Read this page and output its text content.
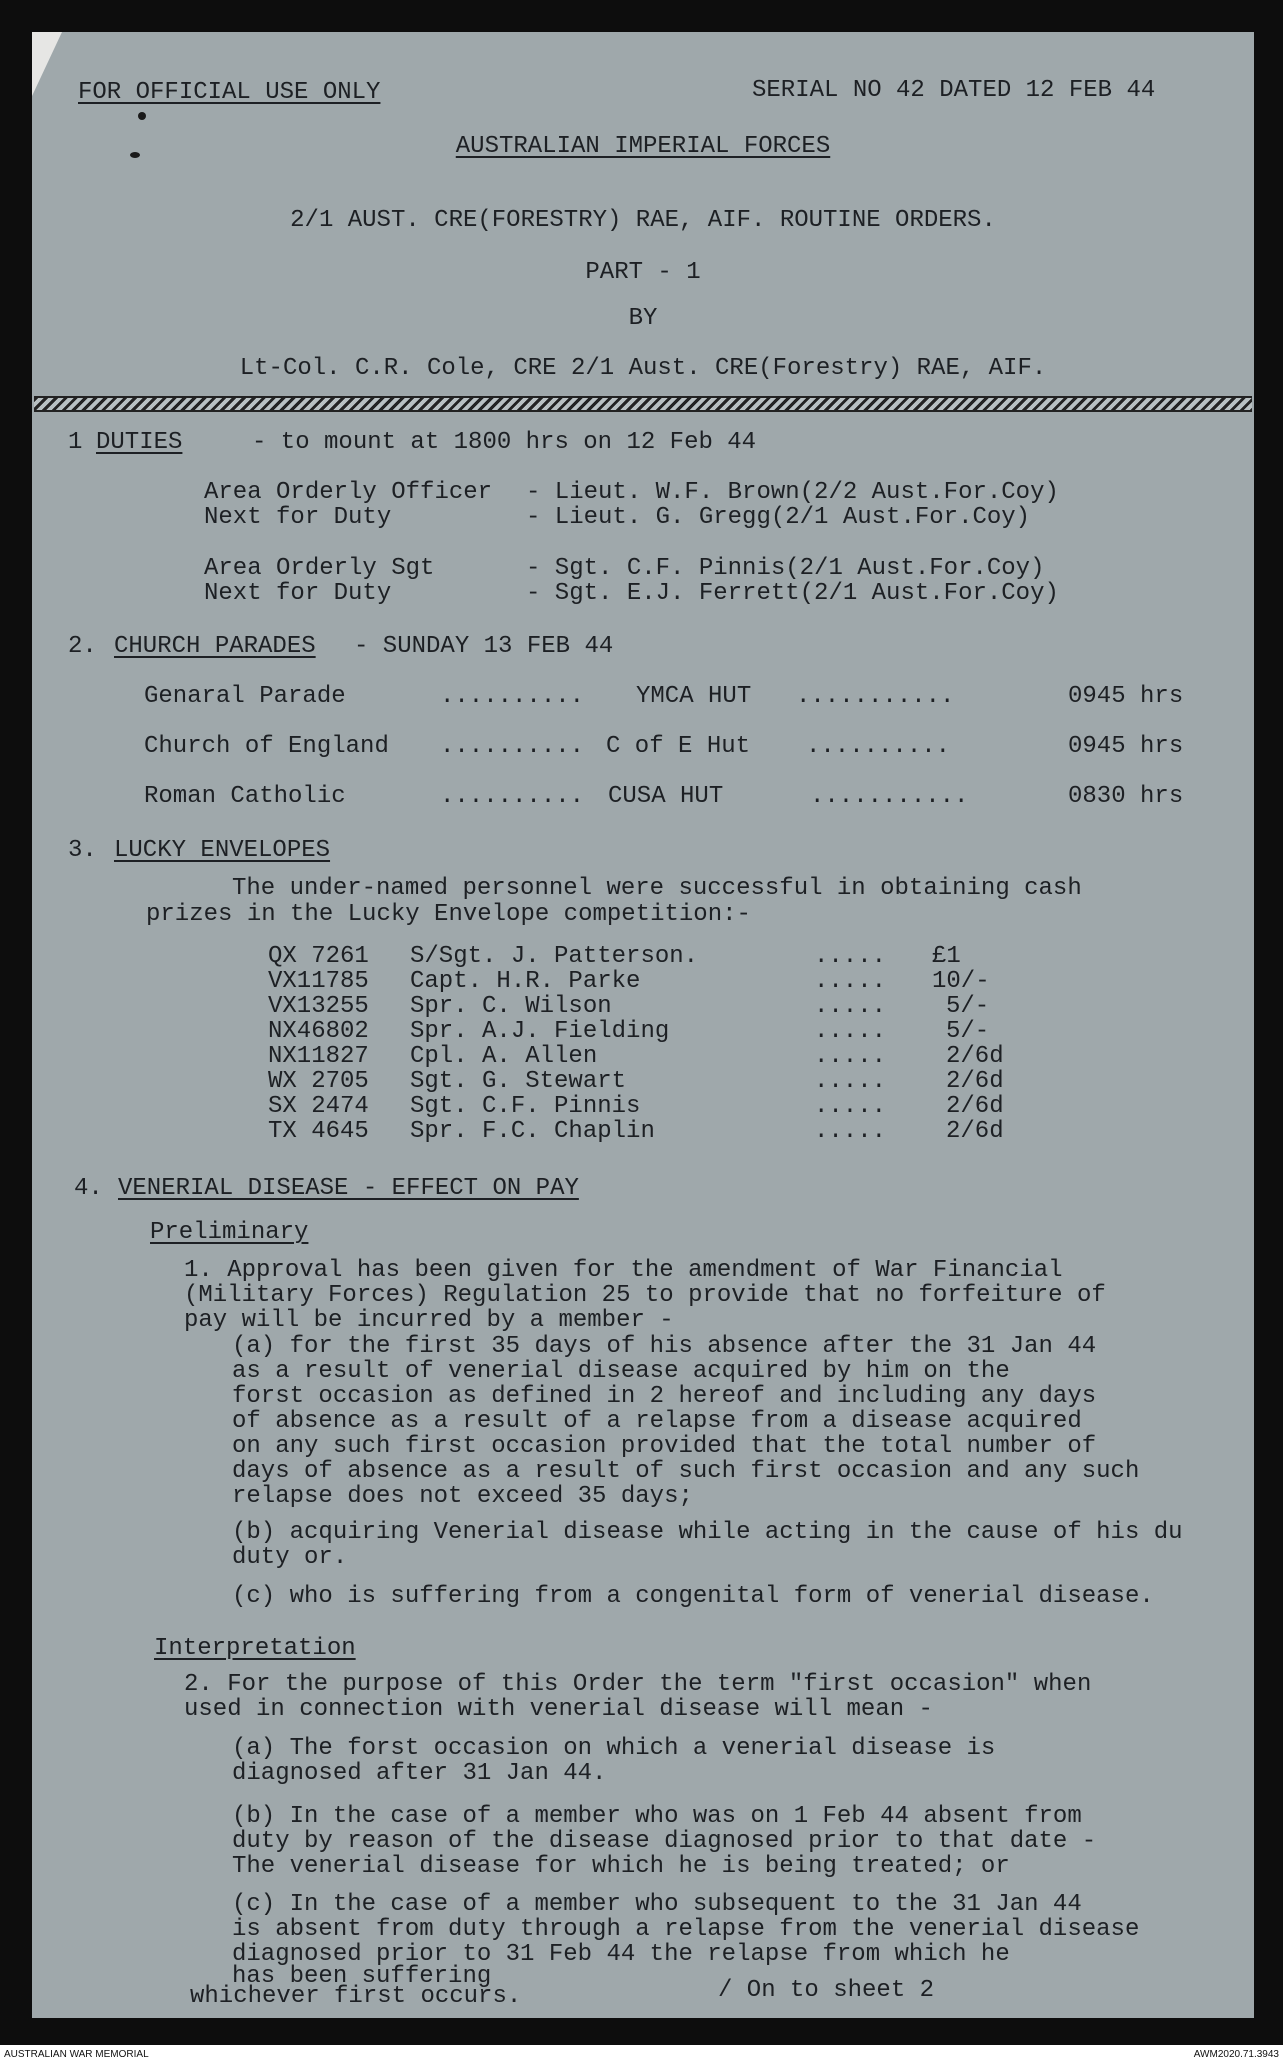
FOR OFFICIAL USE ONLY	SERIAL NO 42 DATED 12 FEB 44
AUSTRALIAN IMPERIAL FORCES
2/1 AUST. CRE(FORESTRY) RAE, AIF. ROUTINE ORDERS.
PART - 1
BY
Lt-Col. C.R. Cole, CRE 2/1 Aust. CRE(Forestry) RAE, AIF.
1 DUTIES	- to mount at 1800 hrs on 12 Feb 44
Area Orderly Officer - Lieut. W.F. Brown(2/2 Aust.For.Coy)
Next for Duty	- Lieut. G. Gregg(2/1 Aust.For.Coy)
Area Orderly Sgt	- Sgt. C.F. Pinnis(2/1 Aust.For.Coy)
Next for Duty	- Sgt. E.J. Ferrett(2/1 Aust.For.Coy)
2. CHURCH PARADES - SUNDAY 13 FEB 44
Genaral Parade	.......... YMCA HUT ...........	0945 hrs
Church of England .......... C of E Hut ..........	0945 hrs
Roman Catholic	.......... CUSA HUT	...........	0830 hrs
3. LUCKY ENVELOPES
The under-named personnel were successful in obtaining cash
prizes in the Lucky Envelope competition:-
QX 7261 S/Sgt. J. Patterson.	..... £1
VX11785 Capt. H.R. Parke	..... 10/-
VX13255 Spr. C. Wilson	..... 5/-
NX46802 Spr. A.J. Fielding	..... 5/-
NX11827 Cpl. A. Allen	..... 2/6d
WX 2705 Sgt. G. Stewart	..... 2/6d
SX 2474 Sgt. C.F. Pinnis	..... 2/6d
TX 4645 Spr. F.C. Chaplin	..... 2/6d
4. VENERIAL DISEASE - EFFECT ON PAY
Preliminary
1. Approval has been given for the amendment of War Financial
(Military Forces) Regulation 25 to provide that no forfeiture of
pay will be incurred by a member -
(a) for the first 35 days of his absence after the 31 Jan 44
as a result of venerial disease acquired by him on the
forst occasion as defined in 2 hereof and including any days
of absence as a result of a relapse from a disease acquired
on any such first occasion provided that the total number of
days of absence as a result of such first occasion and any such
relapse does not exceed 35 days;
(b) acquiring Venerial disease while acting in the cause of his du
duty or.
(c) who is suffering from a congenital form of venerial disease.
Interpretation
2. For the purpose of this Order the term "first occasion" when
used in connection with venerial disease will mean -
(a) The forst occasion on which a venerial disease is
diagnosed after 31 Jan 44.
(b) In the case of a member who was on 1 Feb 44 absent from
duty by reason of the disease diagnosed prior to that date -
The venerial disease for which he is being treated; or
(c) In the case of a member who subsequent to the 31 Jan 44
is absent from duty through a relapse from the venerial disease
diagnosed prior to 31 Feb 44 the relapse from which he
has been suffering
whichever first occurs.	/ On to sheet 2
AUSTRALIAN WAR MEMORIAL	AWM2020.71.3943
